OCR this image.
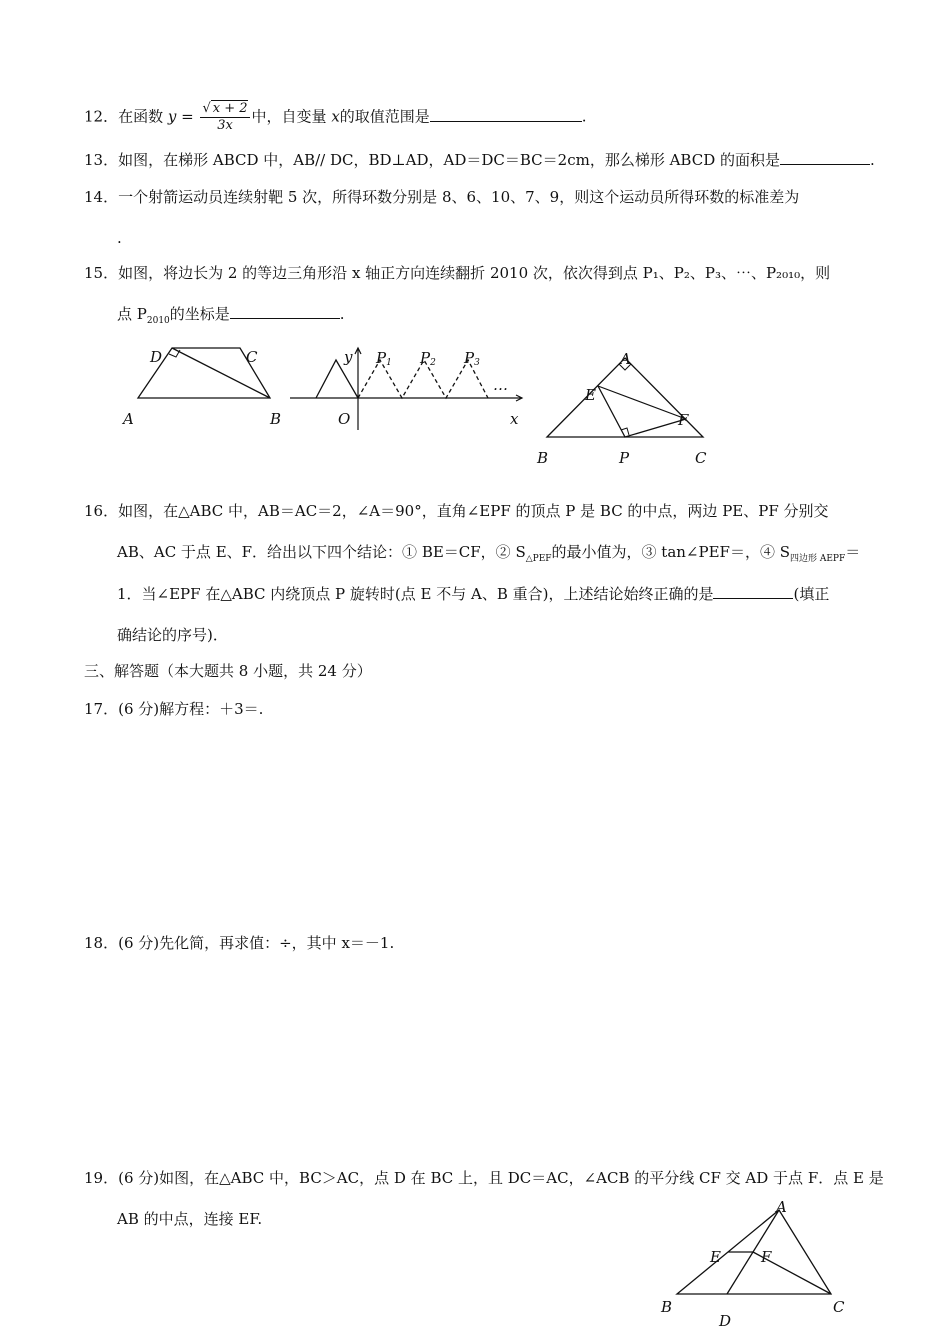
12．在函数 $y = \frac{√ x + 2}{3x}$ 中，自变量 x的取值范围是	.
13．如图，在梯形 ABCD 中，AB// DC，BD⊥AD，AD＝DC＝BC＝2cm，那么梯形 ABCD 的面积是	.
14．一个射箭运动员连续射靶 5 次，所得环数分别是 8、6、10、7、9，则这个运动员所得环数的标准差为
.
15．如图，将边长为 2 的等边三角形沿 x 轴正方向连续翻折 2010 次，依次得到点 P₁、P₂、P₃、⋯、P₂₀₁₀，则
点 $P_{2010}$的坐标是	.
D	C
A	B
y
x
O
P1 P2 P3
…
A
E
F
B	P	C
16．如图，在△ABC 中，AB＝AC＝2，∠A＝90°，直角∠EPF 的顶点 P 是 BC 的中点，两边 PE、PF 分别交
AB、AC 于点 E、F．给出以下四个结论：① BE＝CF，② $S_{\triangle PEF}$的最小值为，③ tan∠PEF＝，④ $S_{四边形 AEPF}=$
1．当∠EPF 在△ABC 内绕顶点 P 旋转时(点 E 不与 A、B 重合)，上述结论始终正确的是	(填正
确结论的序号)．
三、解答题（本大题共 8 小题，共 24 分）
17．(6 分)解方程：＋3＝.
18．(6 分)先化简，再求值：÷，其中 x＝－1.
19．(6 分)如图，在△ABC 中，BC＞AC，点 D 在 BC 上，且 DC＝AC，∠ACB 的平分线 CF 交 AD 于点 F．点 E 是
AB 的中点，连接 EF.
A
E	F
B
D
C
